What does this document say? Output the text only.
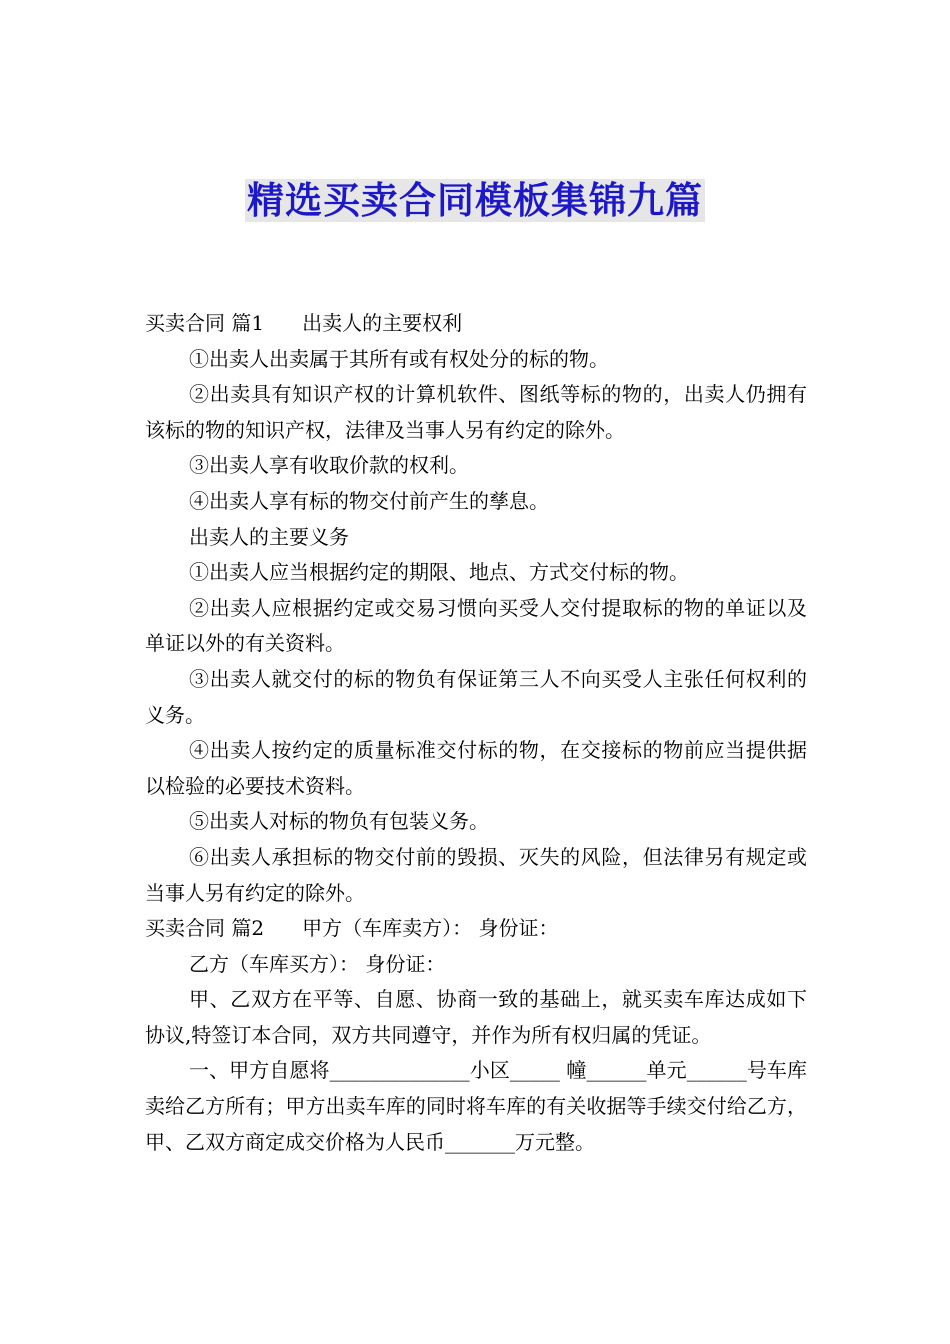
精选买卖合同模板集锦九篇

买卖合同 篇1 出卖人的主要权利

①出卖人出卖属于其所有或有权处分的标的物。

②出卖具有知识产权的计算机软件、图纸等标的物的，出卖人仍拥有该标的物的知识产权，法律及当事人另有约定的除外。

③出卖人享有收取价款的权利。

④出卖人享有标的物交付前产生的孳息。

出卖人的主要义务

①出卖人应当根据约定的期限、地点、方式交付标的物。

②出卖人应根据约定或交易习惯向买受人交付提取标的物的单证以及单证以外的有关资料。

③出卖人就交付的标的物负有保证第三人不向买受人主张任何权利的义务。

④出卖人按约定的质量标准交付标的物，在交接标的物前应当提供据以检验的必要技术资料。

⑤出卖人对标的物负有包装义务。

⑥出卖人承担标的物交付前的毁损、灭失的风险，但法律另有规定或当事人另有约定的除外。

买卖合同 篇2 甲方（车库卖方）： 身份证：

乙方（车库买方）： 身份证：

甲、乙双方在平等、自愿、协商一致的基础上，就买卖车库达成如下协议,特签订本合同，双方共同遵守，并作为所有权归属的凭证。

一、甲方自愿将______________小区_____ 幢______单元______号车库卖给乙方所有；甲方出卖车库的同时将车库的有关收据等手续交付给乙方，甲、乙双方商定成交价格为人民币_______万元整。
